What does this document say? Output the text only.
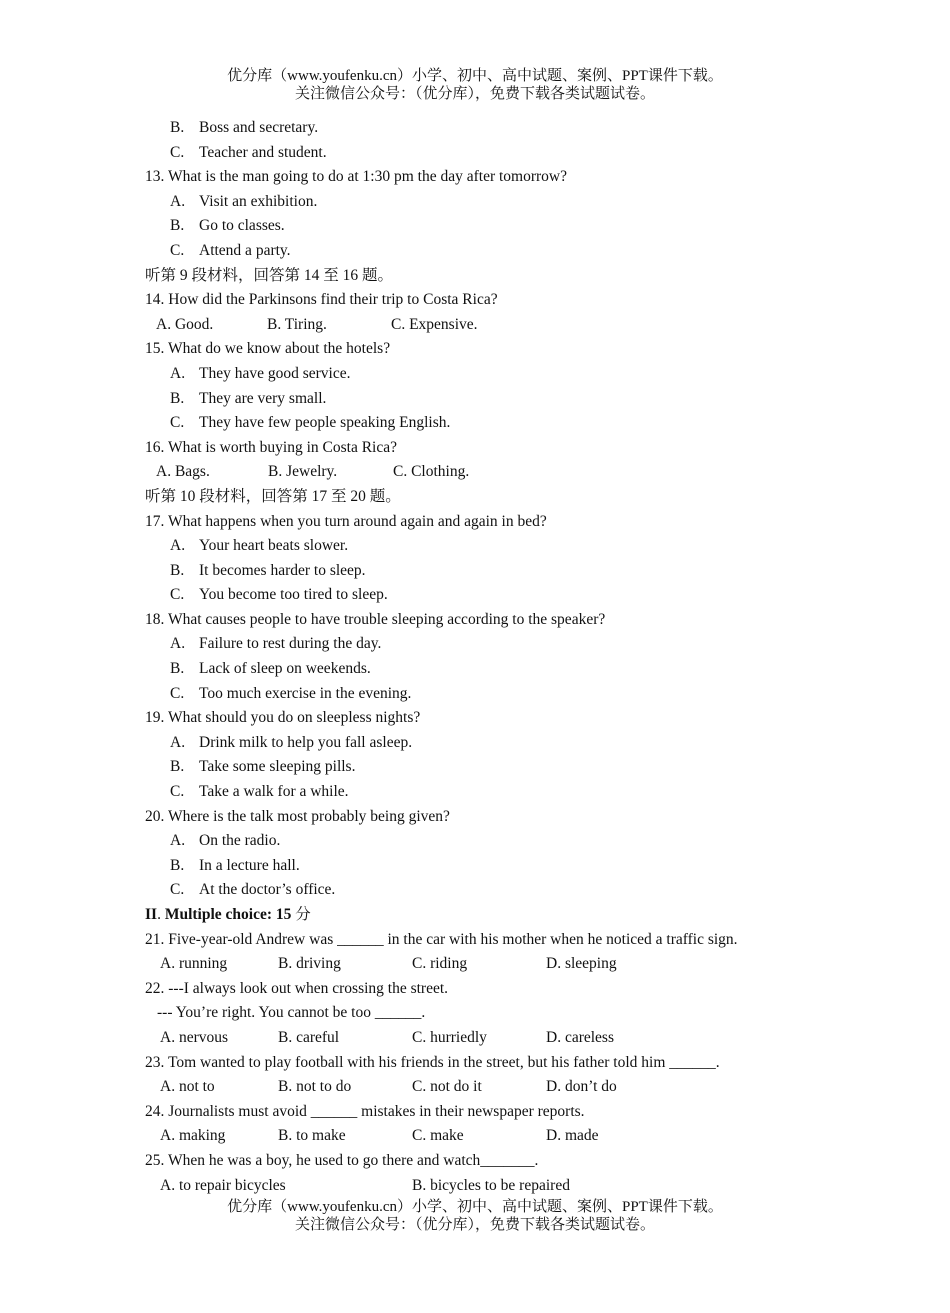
优分库（www.youfenku.cn）小学、初中、高中试题、案例、PPT课件下载。
关注微信公众号：（优分库），免费下载各类试题试卷。
B. Boss and secretary.
C. Teacher and student.
13. What is the man going to do at 1:30 pm the day after tomorrow?
A. Visit an exhibition.
B. Go to classes.
C. Attend a party.
听第 9 段材料，回答第 14 至 16 题。
14. How did the Parkinsons find their trip to Costa Rica?
A. Good.	B. Tiring.	C. Expensive.
15. What do we know about the hotels?
A. They have good service.
B. They are very small.
C. They have few people speaking English.
16. What is worth buying in Costa Rica?
A. Bags.	B. Jewelry.	C. Clothing.
听第 10 段材料，回答第 17 至 20 题。
17. What happens when you turn around again and again in bed?
A. Your heart beats slower.
B. It becomes harder to sleep.
C. You become too tired to sleep.
18. What causes people to have trouble sleeping according to the speaker?
A. Failure to rest during the day.
B. Lack of sleep on weekends.
C. Too much exercise in the evening.
19. What should you do on sleepless nights?
A. Drink milk to help you fall asleep.
B. Take some sleeping pills.
C. Take a walk for a while.
20. Where is the talk most probably being given?
A. On the radio.
B. In a lecture hall.
C. At the doctor’s office.
II. Multiple choice: 15 分
21. Five-year-old Andrew was ______ in the car with his mother when he noticed a traffic sign.
A. running	B. driving	C. riding	D. sleeping
22. ---I always look out when crossing the street.
--- You’re right. You cannot be too ______.
A. nervous	B. careful	C. hurriedly	D. careless
23. Tom wanted to play football with his friends in the street, but his father told him ______.
A. not to	B. not to do	C. not do it	D. don’t do
24. Journalists must avoid ______ mistakes in their newspaper reports.
A. making	B. to make	C. make	D. made
25. When he was a boy, he used to go there and watch_______.
A. to repair bicycles	B. bicycles to be repaired
优分库（www.youfenku.cn）小学、初中、高中试题、案例、PPT课件下载。
关注微信公众号：（优分库），免费下载各类试题试卷。
